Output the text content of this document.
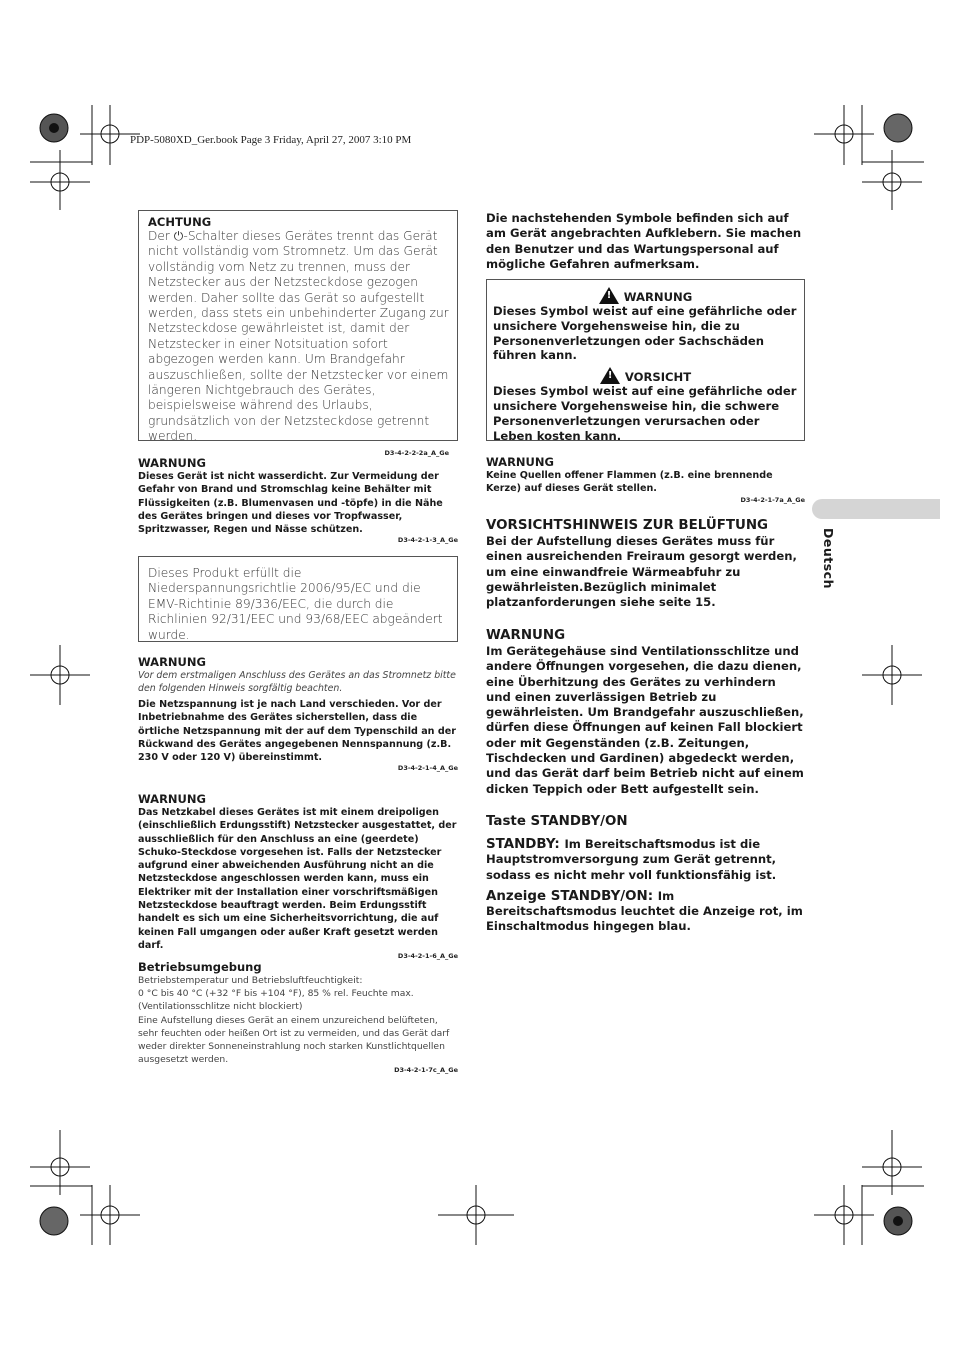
PDP-5080XD_Ger.book Page 3 Friday, April 27, 2007 3:10 PM
ACHTUNG
Der ⏻-Schalter dieses Gerätes trennt das Gerät nicht vollständig vom Stromnetz. Um das Gerät vollständig vom Netz zu trennen, muss der Netzstecker aus der Netzsteckdose gezogen werden. Daher sollte das Gerät so aufgestellt werden, dass stets ein unbehinderter Zugang zur Netzsteckdose gewährleistet ist, damit der Netzstecker in einer Notsituation sofort abgezogen werden kann. Um Brandgefahr auszuschließen, sollte der Netzstecker vor einem längeren Nichtgebrauch des Gerätes, beispielsweise während des Urlaubs, grundsätzlich von der Netzsteckdose getrennt werden.
D3-4-2-2-2a_A_Ge
WARNUNG
Dieses Gerät ist nicht wasserdicht. Zur Vermeidung der Gefahr von Brand und Stromschlag keine Behälter mit Flüssigkeiten (z.B. Blumenvasen und -töpfe) in die Nähe des Gerätes bringen und dieses vor Tropfwasser, Spritzwasser, Regen und Nässe schützen.
D3-4-2-1-3_A_Ge
Dieses Produkt erfüllt die Niederspannungsrichtlie 2006/95/EC und die EMV-Richtinie 89/336/EEC, die durch die Richlinien 92/31/EEC und 93/68/EEC abgeändert wurde.
WARNUNG
Vor dem erstmaligen Anschluss des Gerätes an das Stromnetz bitte den folgenden Hinweis sorgfältig beachten.
Die Netzspannung ist je nach Land verschieden. Vor der Inbetriebnahme des Gerätes sicherstellen, dass die örtliche Netzspannung mit der auf dem Typenschild an der Rückwand des Gerätes angegebenen Nennspannung (z.B. 230 V oder 120 V) übereinstimmt.
D3-4-2-1-4_A_Ge
WARNUNG
Das Netzkabel dieses Gerätes ist mit einem dreipoligen (einschließlich Erdungsstift) Netzstecker ausgestattet, der ausschließlich für den Anschluss an eine (geerdete) Schuko-Steckdose vorgesehen ist. Falls der Netzstecker aufgrund einer abweichenden Ausführung nicht an die Netzsteckdose angeschlossen werden kann, muss ein Elektriker mit der Installation einer vorschriftsmäßigen Netzsteckdose beauftragt werden. Beim Erdungsstift handelt es sich um eine Sicherheitsvorrichtung, die auf keinen Fall umgangen oder außer Kraft gesetzt werden darf.
D3-4-2-1-6_A_Ge
Betriebsumgebung
Betriebstemperatur und Betriebsluftfeuchtigkeit:
0 °C bis 40 °C (+32 °F bis +104 °F), 85 % rel. Feuchte max.
(Ventilationsschlitze nicht blockiert)
Eine Aufstellung dieses Gerät an einem unzureichend belüfteten, sehr feuchten oder heißen Ort ist zu vermeiden, und das Gerät darf weder direkter Sonneneinstrahlung noch starken Kunstlichtquellen ausgesetzt werden.
D3-4-2-1-7c_A_Ge
Die nachstehenden Symbole befinden sich auf am Gerät angebrachten Aufklebern. Sie machen den Benutzer und das Wartungspersonal auf mögliche Gefahren aufmerksam.
!WARNUNG
Dieses Symbol weist auf eine gefährliche oder unsichere Vorgehensweise hin, die zu Personenverletzungen oder Sachschäden führen kann.
!VORSICHT
Dieses Symbol weist auf eine gefährliche oder unsichere Vorgehensweise hin, die schwere Personenverletzungen verursachen oder Leben kosten kann.
WARNUNG
Keine Quellen offener Flammen (z.B. eine brennende Kerze) auf dieses Gerät stellen.
D3-4-2-1-7a_A_Ge
VORSICHTSHINWEIS ZUR BELÜFTUNG
Bei der Aufstellung dieses Gerätes muss für einen ausreichenden Freiraum gesorgt werden, um eine einwandfreie Wärmeabfuhr zu gewährleisten.Bezüglich minimalet platzanforderungen siehe seite 15.
WARNUNG
Im Gerätegehäuse sind Ventilationsschlitze und andere Öffnungen vorgesehen, die dazu dienen, eine Überhitzung des Gerätes zu verhindern und einen zuverlässigen Betrieb zu gewährleisten. Um Brandgefahr auszuschließen, dürfen diese Öffnungen auf keinen Fall blockiert oder mit Gegenständen (z.B. Zeitungen, Tischdecken und Gardinen) abgedeckt werden, und das Gerät darf beim Betrieb nicht auf einem dicken Teppich oder Bett aufgestellt sein.
Taste STANDBY/ON
STANDBY: Im Bereitschaftsmodus ist die Hauptstromversorgung zum Gerät getrennt, sodass es nicht mehr voll funktionsfähig ist.
Anzeige STANDBY/ON: Im Bereitschaftsmodus leuchtet die Anzeige rot, im Einschaltmodus hingegen blau.
Deutsch
